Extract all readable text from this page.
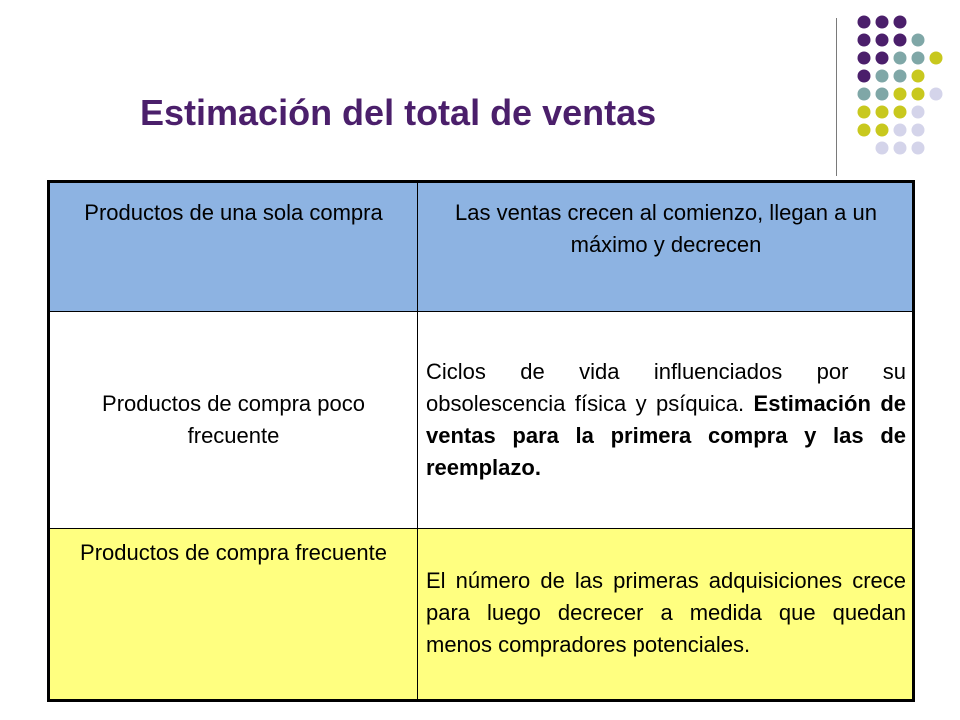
Estimación del total de ventas
Productos de una sola compra	Las ventas crecen al comienzo, llegan a un máximo y decrecen
Productos de compra poco frecuente	Ciclos de vida influenciados por su obsolescencia física y psíquica. Estimación de ventas para la primera compra y las de reemplazo.
Productos de compra frecuente	El número de las primeras adquisiciones crece para luego decrecer a medida que quedan menos compradores potenciales.
